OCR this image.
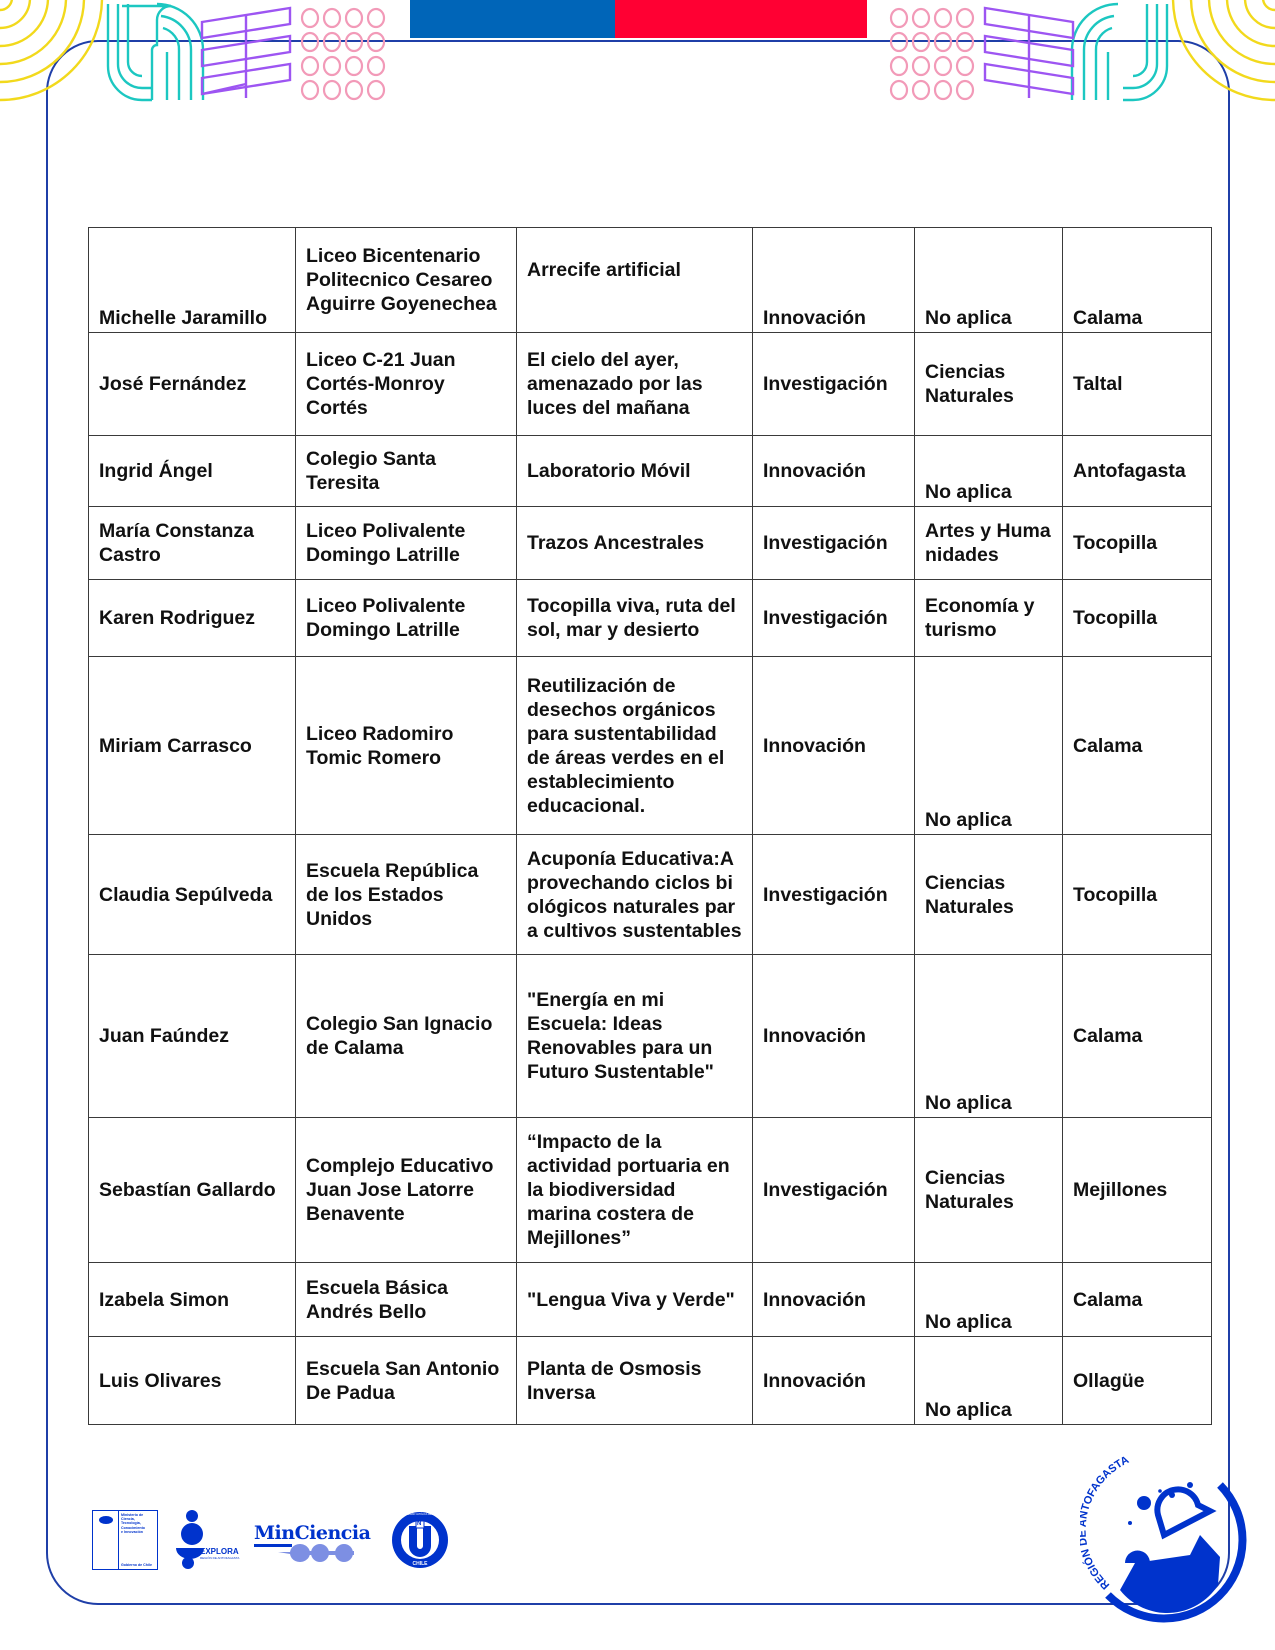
Michelle Jaramillo	Liceo Bicentenario Politecnico Cesareo Aguirre Goyenechea	Arrecife artificial	Innovación	No aplica	Calama
José Fernández	Liceo C-21 Juan Cortés-Monroy Cortés	El cielo del ayer, amenazado por las luces del mañana	Investigación	Ciencias Naturales	Taltal
Ingrid Ángel	Colegio Santa Teresita	Laboratorio Móvil	Innovación	No aplica	Antofagasta
María Constanza Castro	Liceo Polivalente Domingo Latrille	Trazos Ancestrales	Investigación	Artes y Humanidades	Tocopilla
Karen Rodriguez	Liceo Polivalente Domingo Latrille	Tocopilla viva, ruta del sol, mar y desierto	Investigación	Economía y turismo	Tocopilla
Miriam Carrasco	Liceo Radomiro Tomic Romero	Reutilización de desechos orgánicos para sustentabilidad de áreas verdes en el establecimiento educacional.	Innovación	No aplica	Calama
Claudia Sepúlveda	Escuela República de los Estados Unidos	Acuponía Educativa:Aprovechando ciclos biológicos naturales para cultivos sustentables	Investigación	Ciencias Naturales	Tocopilla
Juan Faúndez	Colegio San Ignacio de Calama	"Energía en mi Escuela: Ideas Renovables para un Futuro Sustentable"	Innovación	No aplica	Calama
Sebastían Gallardo	Complejo Educativo Juan Jose Latorre Benavente	“Impacto de la actividad portuaria en la biodiversidad marina costera de Mejillones”	Investigación	Ciencias Naturales	Mejillones
Izabela Simon	Escuela Básica Andrés Bello	"Lengua Viva y Verde"	Innovación	No aplica	Calama
Luis Olivares	Escuela San Antonio De Padua	Planta de Osmosis Inversa	Innovación	No aplica	Ollagüe
Ministerio de
Ciencia,
Tecnología,
Conocimiento
e Innovación
Gobierno de Chile
EXPLORA
REGIÓN DE ANTOFAGASTA
MinCiencia	N
UNIVERSIDAD CATÓLICA DEL NORTE
CHILE
REGIÓN TOFAGASTA
